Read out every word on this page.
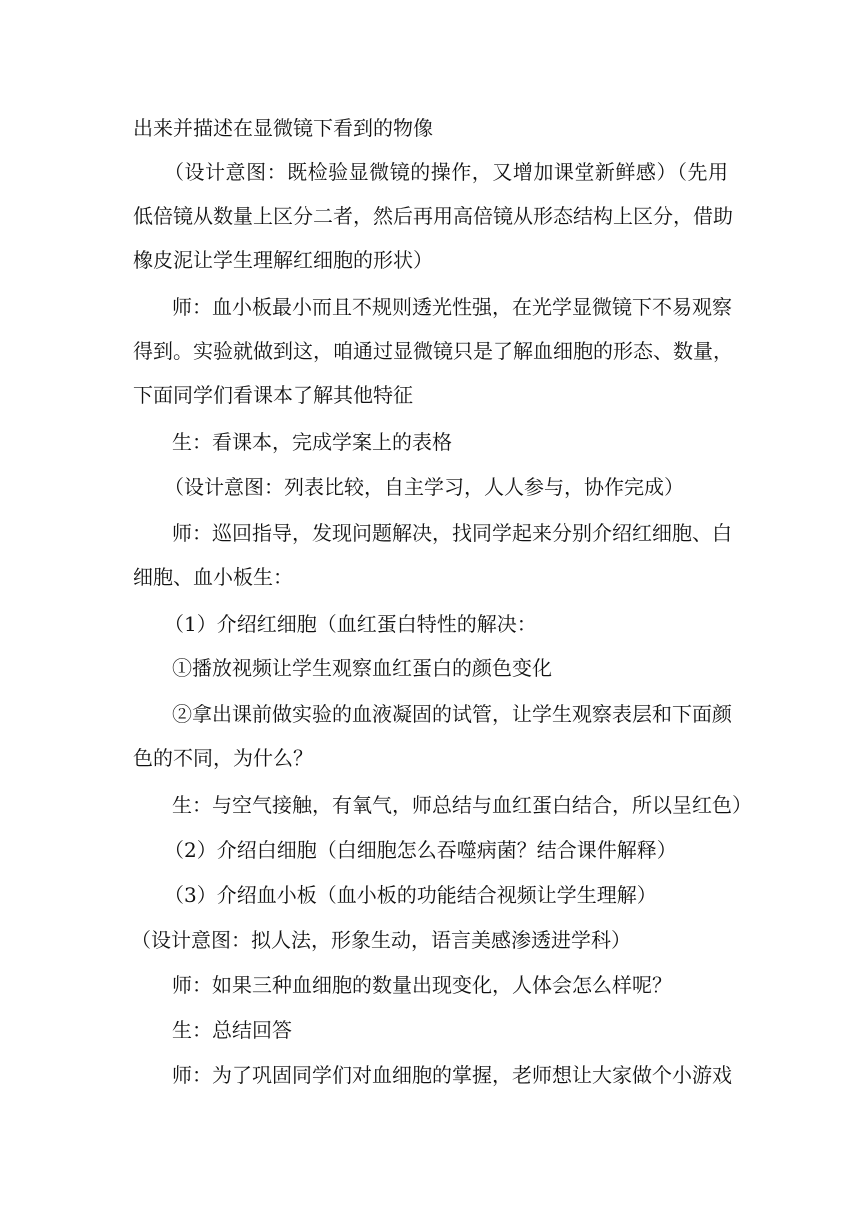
出来并描述在显微镜下看到的物像
（设计意图：既检验显微镜的操作，又增加课堂新鲜感）（先用
低倍镜从数量上区分二者，然后再用高倍镜从形态结构上区分，借助
橡皮泥让学生理解红细胞的形状）
师：血小板最小而且不规则透光性强，在光学显微镜下不易观察
得到。实验就做到这，咱通过显微镜只是了解血细胞的形态、数量，
下面同学们看课本了解其他特征
生：看课本，完成学案上的表格
（设计意图：列表比较，自主学习，人人参与，协作完成）
师：巡回指导，发现问题解决，找同学起来分别介绍红细胞、白
细胞、血小板生：
（1）介绍红细胞（血红蛋白特性的解决：
①播放视频让学生观察血红蛋白的颜色变化
②拿出课前做实验的血液凝固的试管，让学生观察表层和下面颜
色的不同，为什么？
生：与空气接触，有氧气，师总结与血红蛋白结合，所以呈红色）
（2）介绍白细胞（白细胞怎么吞噬病菌？结合课件解释）
（3）介绍血小板（血小板的功能结合视频让学生理解）
（设计意图：拟人法，形象生动，语言美感渗透进学科）
师：如果三种血细胞的数量出现变化，人体会怎么样呢？
生：总结回答
师：为了巩固同学们对血细胞的掌握，老师想让大家做个小游戏
